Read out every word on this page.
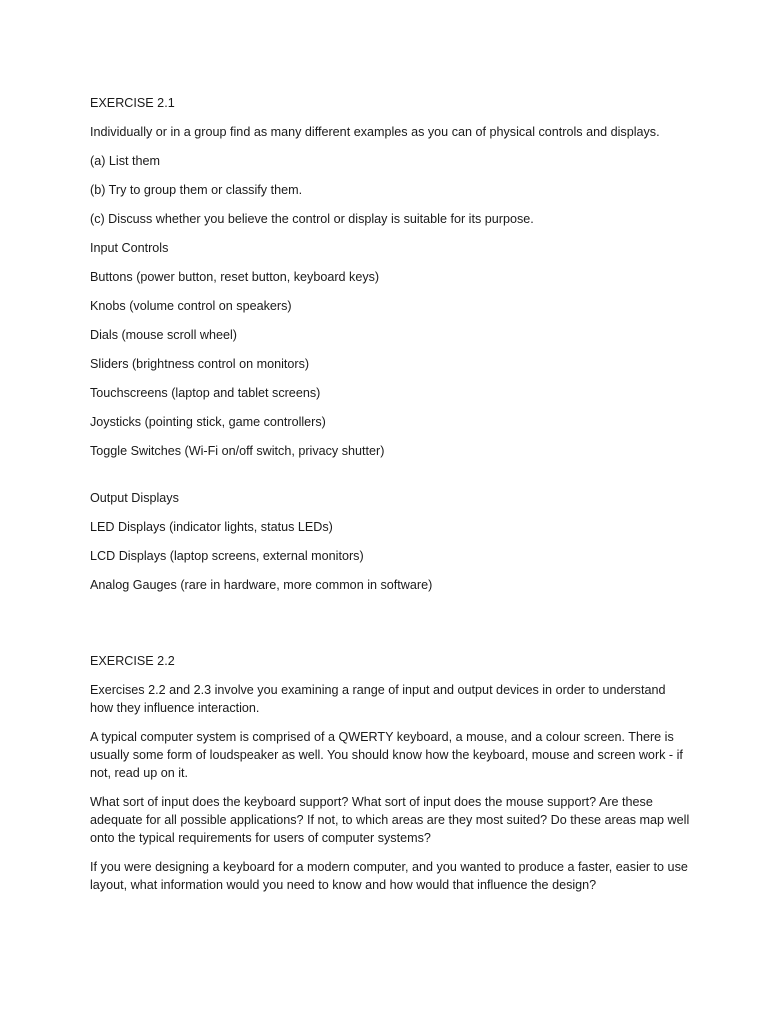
EXERCISE 2.1
Individually or in a group find as many different examples as you can of physical controls and displays.
(a) List them
(b) Try to group them or classify them.
(c) Discuss whether you believe the control or display is suitable for its purpose.
Input Controls
Buttons (power button, reset button, keyboard keys)
Knobs (volume control on speakers)
Dials (mouse scroll wheel)
Sliders (brightness control on monitors)
Touchscreens (laptop and tablet screens)
Joysticks (pointing stick, game controllers)
Toggle Switches (Wi-Fi on/off switch, privacy shutter)
Output Displays
LED Displays (indicator lights, status LEDs)
LCD Displays (laptop screens, external monitors)
Analog Gauges (rare in hardware, more common in software)
EXERCISE 2.2
Exercises 2.2 and 2.3 involve you examining a range of input and output devices in order to understand how they influence interaction.
A typical computer system is comprised of a QWERTY keyboard, a mouse, and a colour screen. There is usually some form of loudspeaker as well. You should know how the keyboard, mouse and screen work - if not, read up on it.
What sort of input does the keyboard support? What sort of input does the mouse support? Are these adequate for all possible applications? If not, to which areas are they most suited? Do these areas map well onto the typical requirements for users of computer systems?
If you were designing a keyboard for a modern computer, and you wanted to produce a faster, easier to use layout, what information would you need to know and how would that influence the design?
